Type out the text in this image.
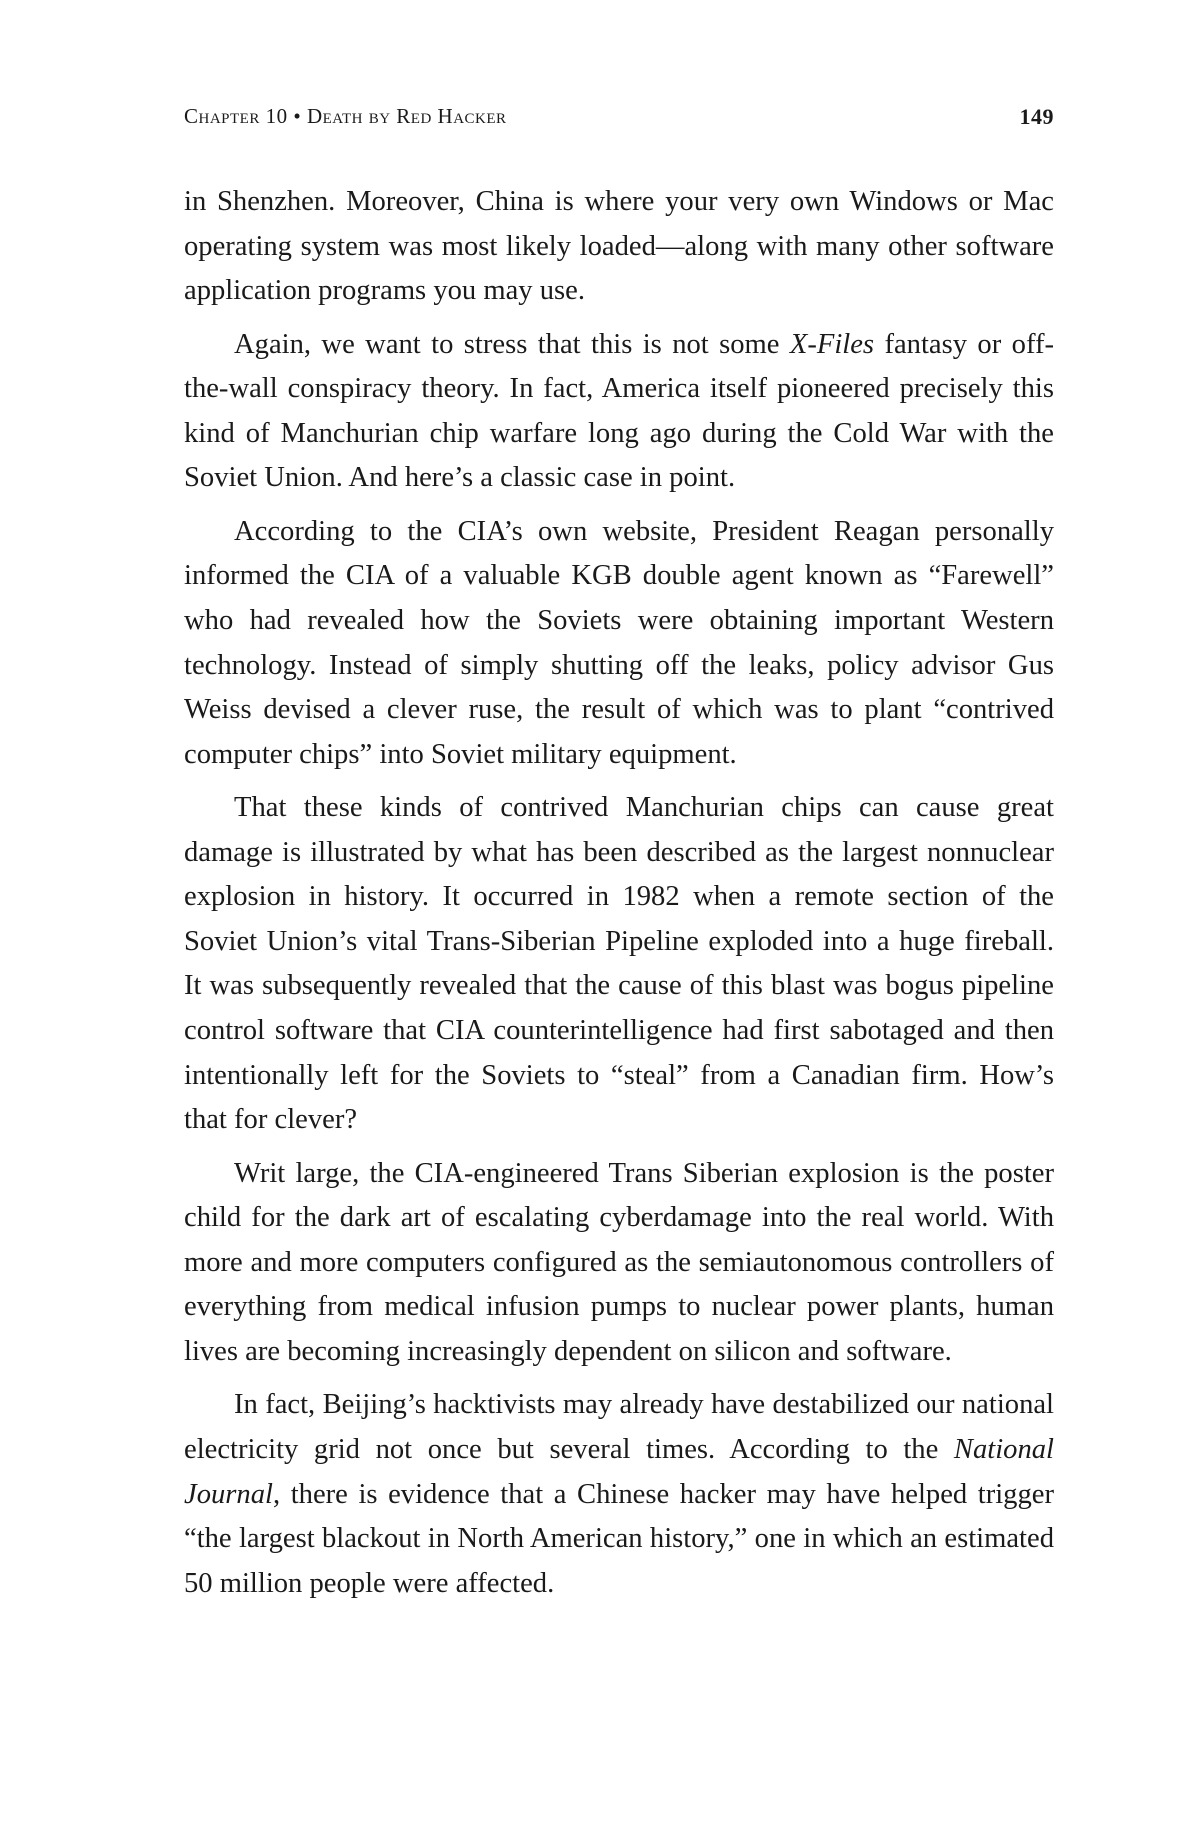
Chapter 10 • Death by Red Hacker	149

in Shenzhen. Moreover, China is where your very own Windows or Mac operating system was most likely loaded—along with many other software application programs you may use.

Again, we want to stress that this is not some X-Files fantasy or off-the-wall conspiracy theory. In fact, America itself pioneered precisely this kind of Manchurian chip warfare long ago during the Cold War with the Soviet Union. And here’s a classic case in point.

According to the CIA’s own website, President Reagan personally informed the CIA of a valuable KGB double agent known as “Farewell” who had revealed how the Soviets were obtaining important Western technology. Instead of simply shutting off the leaks, policy advisor Gus Weiss devised a clever ruse, the result of which was to plant “contrived computer chips” into Soviet military equipment.

That these kinds of contrived Manchurian chips can cause great damage is illustrated by what has been described as the largest nonnuclear explosion in history. It occurred in 1982 when a remote section of the Soviet Union’s vital Trans-Siberian Pipeline exploded into a huge fireball. It was subsequently revealed that the cause of this blast was bogus pipeline control software that CIA counterintelligence had first sabotaged and then intentionally left for the Soviets to “steal” from a Canadian firm. How’s that for clever?

Writ large, the CIA-engineered Trans Siberian explosion is the poster child for the dark art of escalating cyberdamage into the real world. With more and more computers configured as the semiautonomous controllers of everything from medical infusion pumps to nuclear power plants, human lives are becoming increasingly dependent on silicon and software.

In fact, Beijing’s hacktivists may already have destabilized our national electricity grid not once but several times. According to the National Journal, there is evidence that a Chinese hacker may have helped trigger “the largest blackout in North American history,” one in which an estimated 50 million people were affected.
